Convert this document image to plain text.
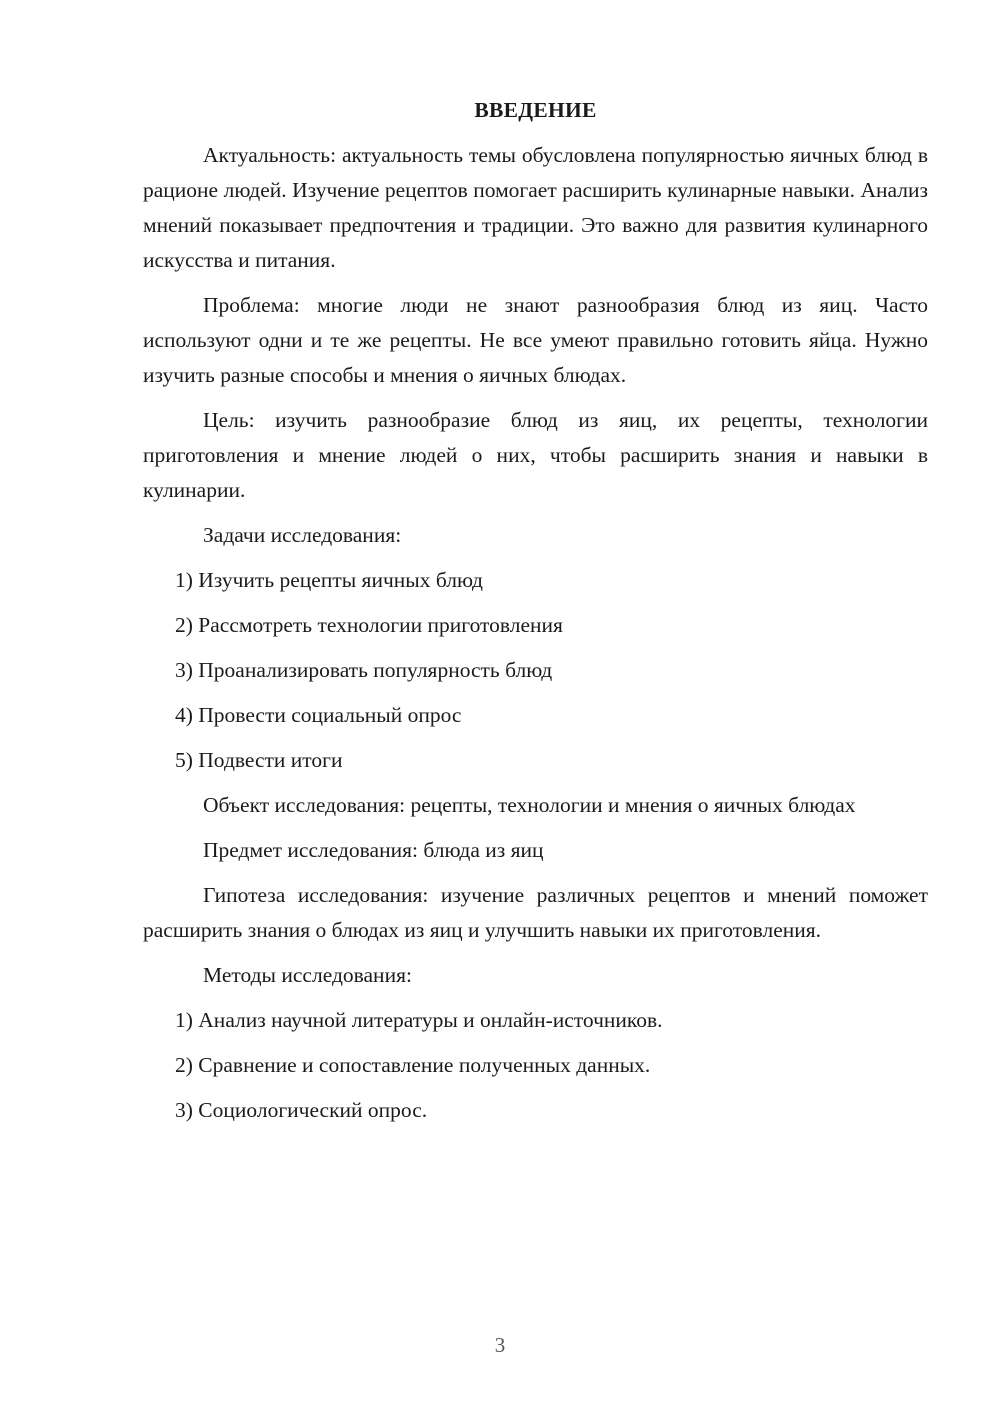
ВВЕДЕНИЕ

Актуальность: актуальность темы обусловлена популярностью яичных блюд в рационе людей. Изучение рецептов помогает расширить кулинарные навыки. Анализ мнений показывает предпочтения и традиции. Это важно для развития кулинарного искусства и питания.

Проблема: многие люди не знают разнообразия блюд из яиц. Часто используют одни и те же рецепты. Не все умеют правильно готовить яйца. Нужно изучить разные способы и мнения о яичных блюдах.

Цель: изучить разнообразие блюд из яиц, их рецепты, технологии приготовления и мнение людей о них, чтобы расширить знания и навыки в кулинарии.

Задачи исследования:

1) Изучить рецепты яичных блюд
2) Рассмотреть технологии приготовления
3) Проанализировать популярность блюд
4) Провести социальный опрос
5) Подвести итоги

Объект исследования: рецепты, технологии и мнения о яичных блюдах

Предмет исследования: блюда из яиц

Гипотеза исследования: изучение различных рецептов и мнений поможет расширить знания о блюдах из яиц и улучшить навыки их приготовления.

Методы исследования:

1) Анализ научной литературы и онлайн-источников.
2) Сравнение и сопоставление полученных данных.
3) Социологический опрос.
3
